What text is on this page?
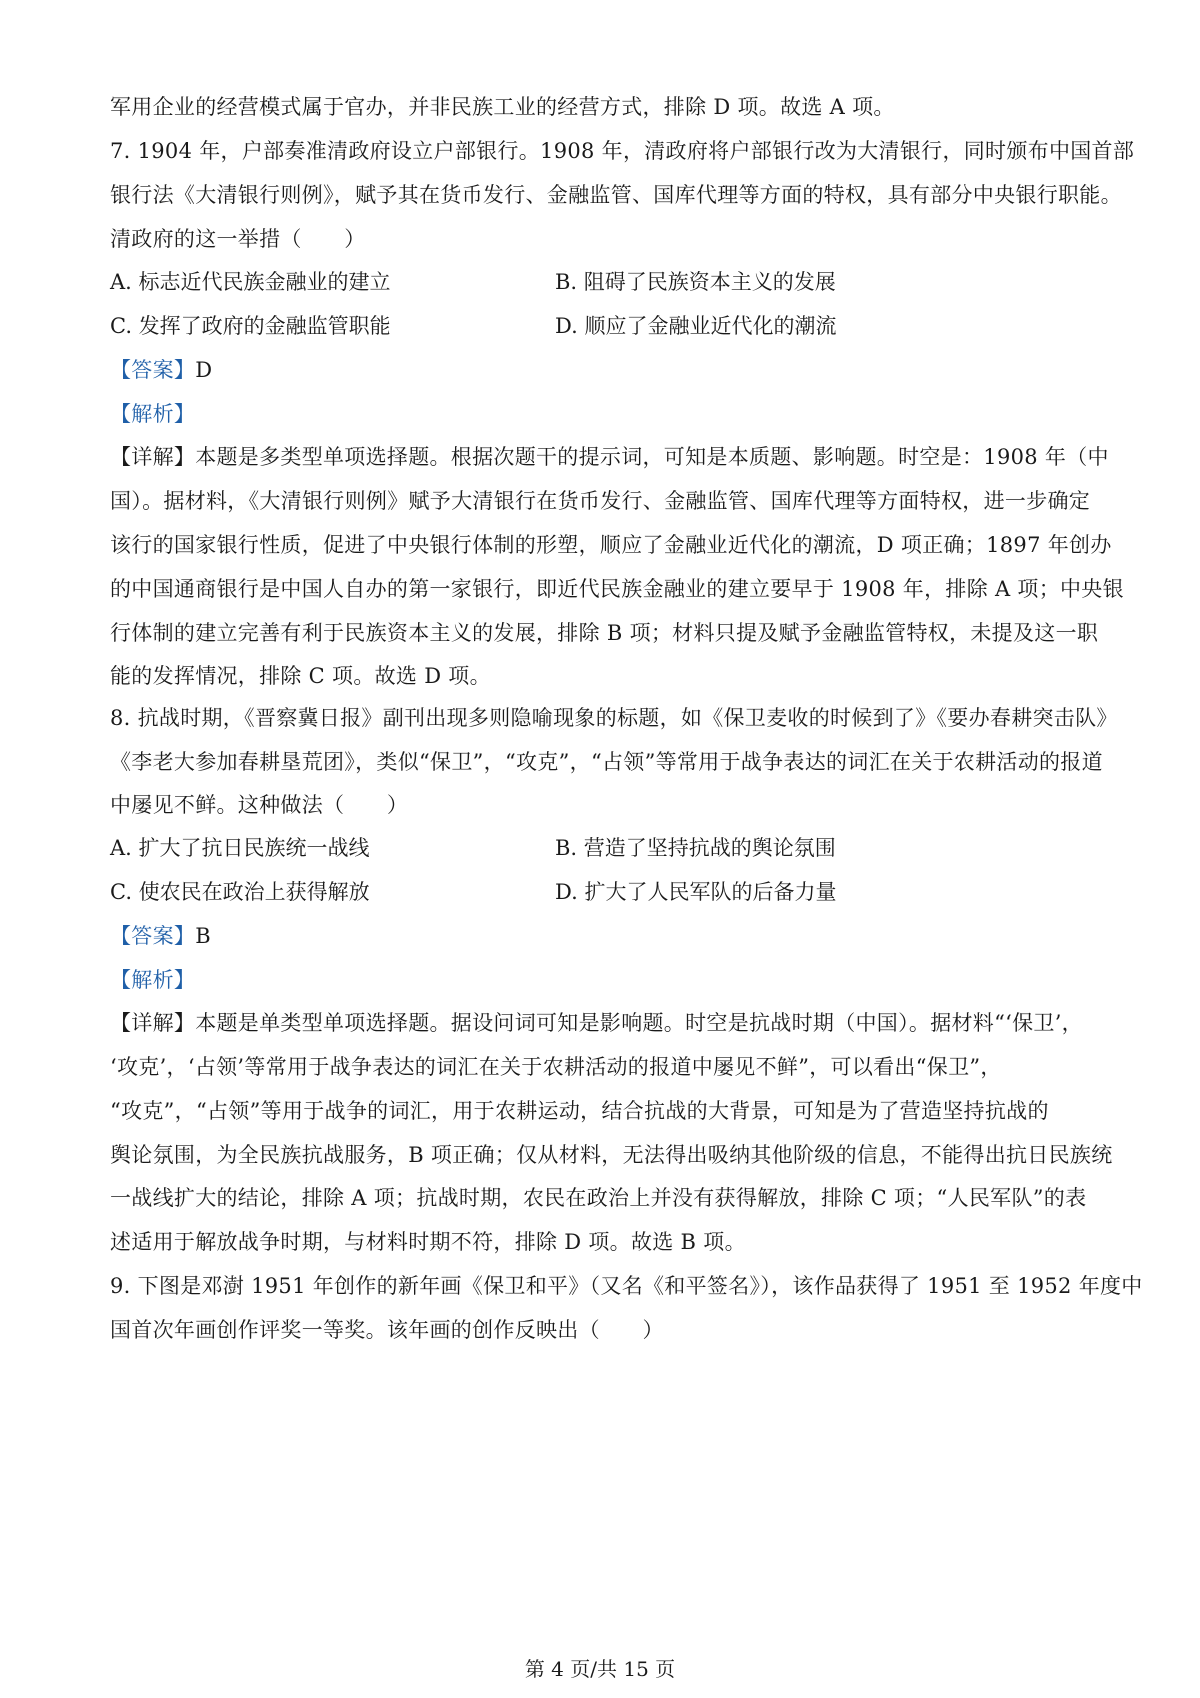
军用企业的经营模式属于官办，并非民族工业的经营方式，排除 D 项。故选 A 项。
7. 1904 年，户部奏准清政府设立户部银行。1908 年，清政府将户部银行改为大清银行，同时颁布中国首部
银行法《大清银行则例》，赋予其在货币发行、金融监管、国库代理等方面的特权，具有部分中央银行职能。
清政府的这一举措（　　）
A. 标志近代民族金融业的建立	B. 阻碍了民族资本主义的发展
C. 发挥了政府的金融监管职能	D. 顺应了金融业近代化的潮流
【答案】D
【解析】
【详解】本题是多类型单项选择题。根据次题干的提示词，可知是本质题、影响题。时空是：1908 年（中
国）。据材料，《大清银行则例》赋予大清银行在货币发行、金融监管、国库代理等方面特权，进一步确定
该行的国家银行性质，促进了中央银行体制的形塑，顺应了金融业近代化的潮流，D 项正确；1897 年创办
的中国通商银行是中国人自办的第一家银行，即近代民族金融业的建立要早于 1908 年，排除 A 项；中央银
行体制的建立完善有利于民族资本主义的发展，排除 B 项；材料只提及赋予金融监管特权，未提及这一职
能的发挥情况，排除 C 项。故选 D 项。
8. 抗战时期，《晋察冀日报》副刊出现多则隐喻现象的标题，如《保卫麦收的时候到了》《要办春耕突击队》
《李老大参加春耕垦荒团》，类似“保卫”，“攻克”，“占领”等常用于战争表达的词汇在关于农耕活动的报道
中屡见不鲜。这种做法（　　）
A. 扩大了抗日民族统一战线	B. 营造了坚持抗战的舆论氛围
C. 使农民在政治上获得解放	D. 扩大了人民军队的后备力量
【答案】B
【解析】
【详解】本题是单类型单项选择题。据设问词可知是影响题。时空是抗战时期（中国）。据材料“‘保卫’，
‘攻克’，‘占领’等常用于战争表达的词汇在关于农耕活动的报道中屡见不鲜”，可以看出“保卫”，
“攻克”，“占领”等用于战争的词汇，用于农耕运动，结合抗战的大背景，可知是为了营造坚持抗战的
舆论氛围，为全民族抗战服务，B 项正确；仅从材料，无法得出吸纳其他阶级的信息，不能得出抗日民族统
一战线扩大的结论，排除 A 项；抗战时期，农民在政治上并没有获得解放，排除 C 项；“人民军队”的表
述适用于解放战争时期，与材料时期不符，排除 D 项。故选 B 项。
9. 下图是邓澍 1951 年创作的新年画《保卫和平》（又名《和平签名》），该作品获得了 1951 至 1952 年度中
国首次年画创作评奖一等奖。该年画的创作反映出（　　）
第 4 页/共 15 页
